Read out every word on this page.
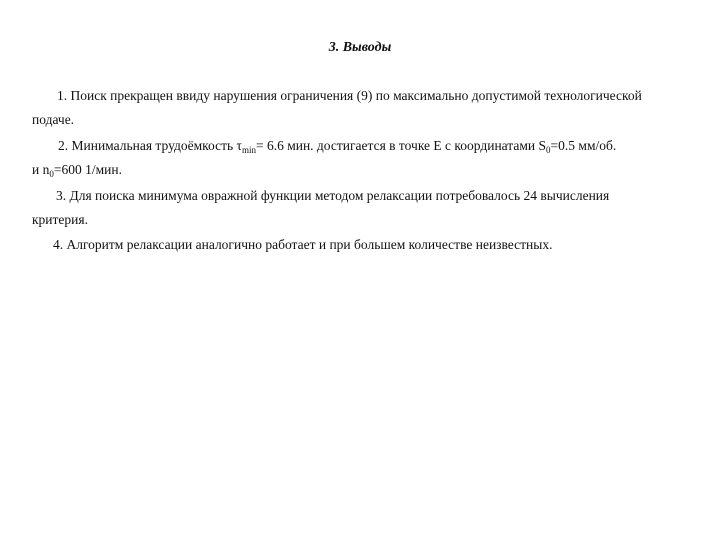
3. Выводы
1. Поиск прекращен ввиду нарушения ограничения (9) по максимально допустимой технологической
подаче.
2. Минимальная трудоёмкость $\tau_{min}= 6.6$ мин. достигается в точке Е с координатами $S_0=0.5$ мм/об.
и $n_0=600$ 1/мин.
3. Для поиска минимума овражной функции методом релаксации потребовалось 24 вычисления
критерия.
4. Алгоритм релаксации аналогично работает и при большем количестве неизвестных.
